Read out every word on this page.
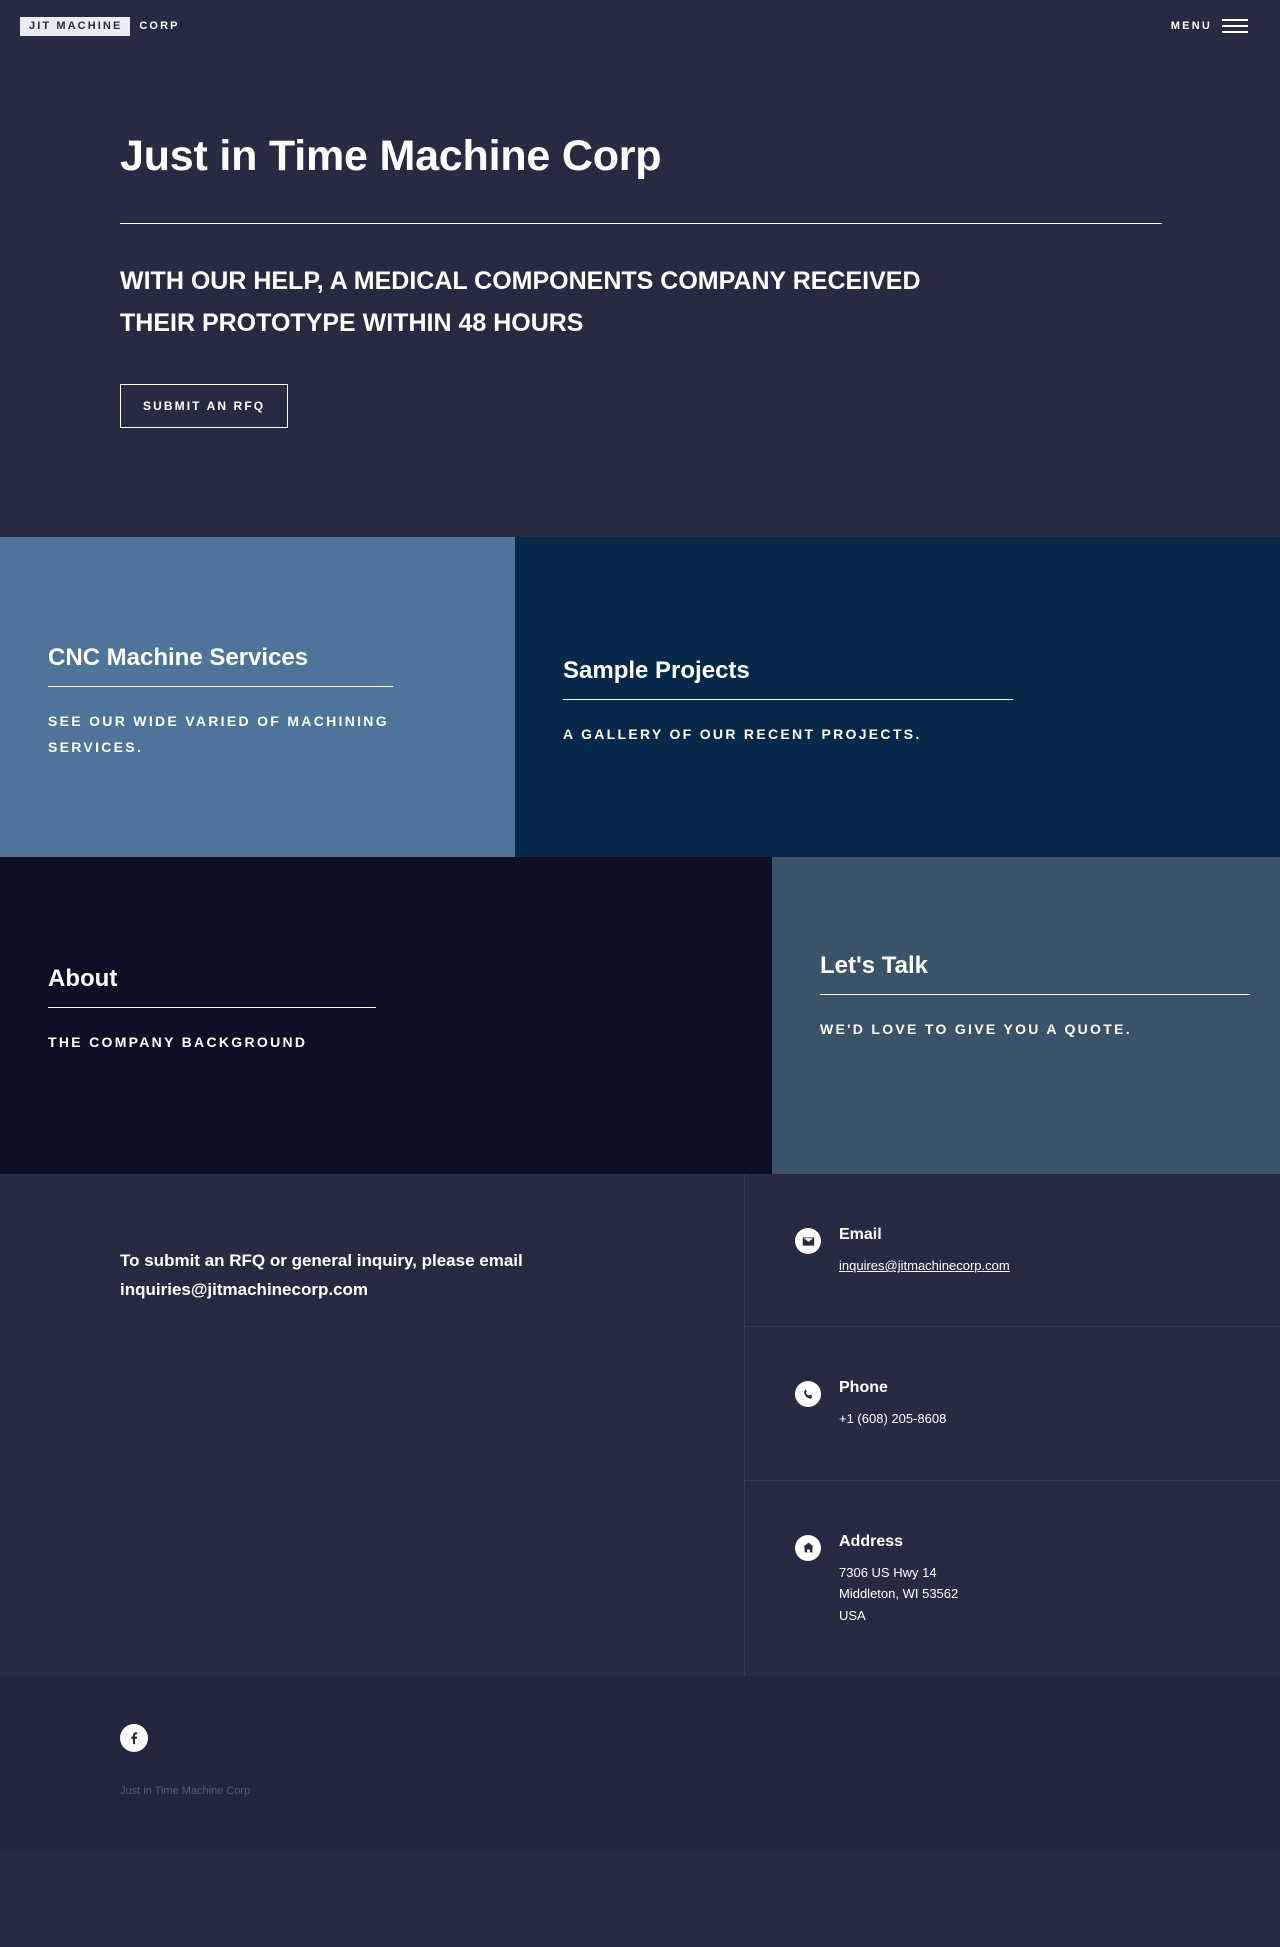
JIT MACHINE	CORP	MENU
Just in Time Machine Corp
WITH OUR HELP, A MEDICAL COMPONENTS COMPANY RECEIVED THEIR PROTOTYPE WITHIN 48 HOURS
SUBMIT AN RFQ
CNC Machine Services
SEE OUR WIDE VARIED OF MACHINING SERVICES.
Sample Projects
A GALLERY OF OUR RECENT PROJECTS.
About
THE COMPANY BACKGROUND
Let's Talk
WE'D LOVE TO GIVE YOU A QUOTE.

To submit an RFQ or general inquiry, please email inquiries@jitmachinecorp.com

Email
inquires@jitmachinecorp.com
Phone
+1 (608) 205-8608
Address
7306 US Hwy 14
Middleton, WI 53562
USA
Just in Time Machine Corp
